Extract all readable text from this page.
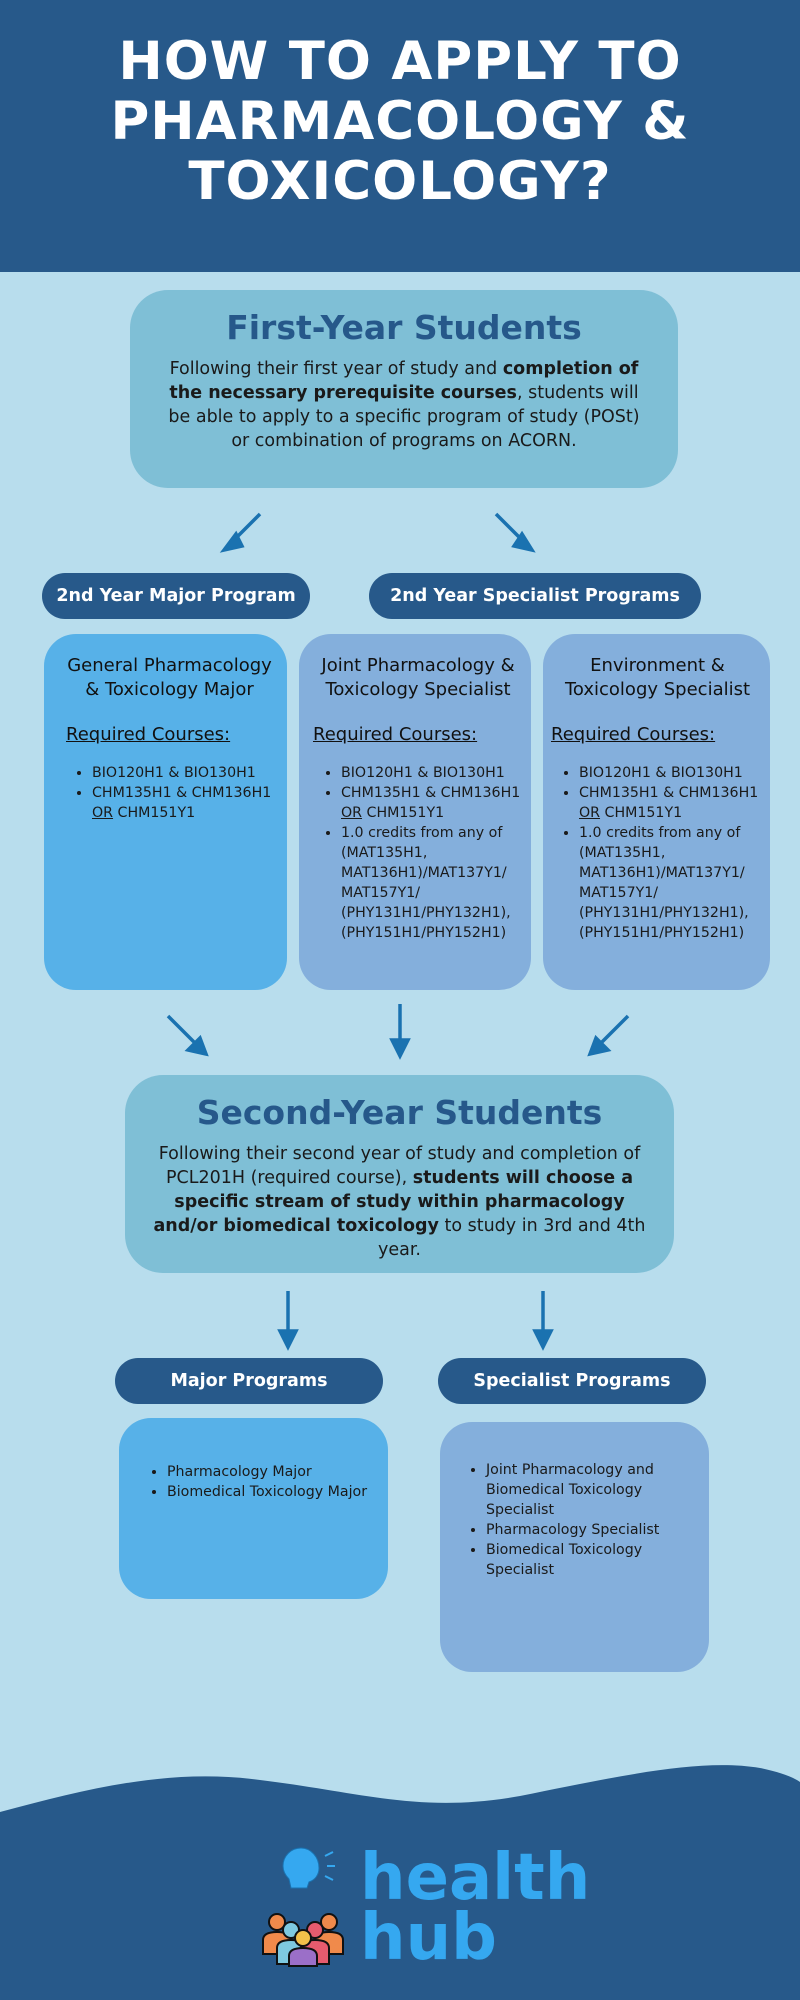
HOW TO APPLY TO
PHARMACOLOGY &
TOXICOLOGY?
First-Year Students
Following their first year of study and completion of the necessary prerequisite courses, students will be able to apply to a specific program of study (POSt) or combination of programs on ACORN.
2nd Year Major Program	2nd Year Specialist Programs
General Pharmacology & Toxicology Major
Required Courses:
• BIO120H1 & BIO130H1
• CHM135H1 & CHM136H1 OR CHM151Y1
Joint Pharmacology & Toxicology Specialist
Required Courses:
• BIO120H1 & BIO130H1
• CHM135H1 & CHM136H1 OR CHM151Y1
• 1.0 credits from any of (MAT135H1, MAT136H1)/MAT137Y1/ MAT157Y1/ (PHY131H1/PHY132H1), (PHY151H1/PHY152H1)
Environment & Toxicology Specialist
Required Courses:
• BIO120H1 & BIO130H1
• CHM135H1 & CHM136H1 OR CHM151Y1
• 1.0 credits from any of (MAT135H1, MAT136H1)/MAT137Y1/ MAT157Y1/ (PHY131H1/PHY132H1), (PHY151H1/PHY152H1)
Second-Year Students
Following their second year of study and completion of PCL201H (required course), students will choose a specific stream of study within pharmacology and/or biomedical toxicology to study in 3rd and 4th year.
Major Programs	Specialist Programs
• Pharmacology Major
• Biomedical Toxicology Major
• Joint Pharmacology and Biomedical Toxicology Specialist
• Pharmacology Specialist
• Biomedical Toxicology Specialist
health
hub
